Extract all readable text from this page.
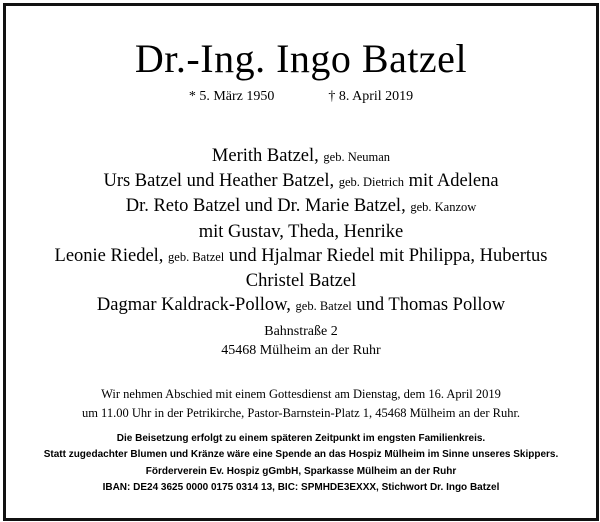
Dr.-Ing. Ingo Batzel
* 5. März 1950	† 8. April 2019
Merith Batzel, geb. Neuman
Urs Batzel und Heather Batzel, geb. Dietrich mit Adelena
Dr. Reto Batzel und Dr. Marie Batzel, geb. Kanzow
mit Gustav, Theda, Henrike
Leonie Riedel, geb. Batzel und Hjalmar Riedel mit Philippa, Hubertus
Christel Batzel
Dagmar Kaldrack-Pollow, geb. Batzel und Thomas Pollow
Bahnstraße 2
45468 Mülheim an der Ruhr
Wir nehmen Abschied mit einem Gottesdienst am Dienstag, dem 16. April 2019
um 11.00 Uhr in der Petrikirche, Pastor-Barnstein-Platz 1, 45468 Mülheim an der Ruhr.
Die Beisetzung erfolgt zu einem späteren Zeitpunkt im engsten Familienkreis.
Statt zugedachter Blumen und Kränze wäre eine Spende an das Hospiz Mülheim im Sinne unseres Skippers.
Förderverein Ev. Hospiz gGmbH, Sparkasse Mülheim an der Ruhr
IBAN: DE24 3625 0000 0175 0314 13, BIC: SPMHDE3EXXX, Stichwort Dr. Ingo Batzel
